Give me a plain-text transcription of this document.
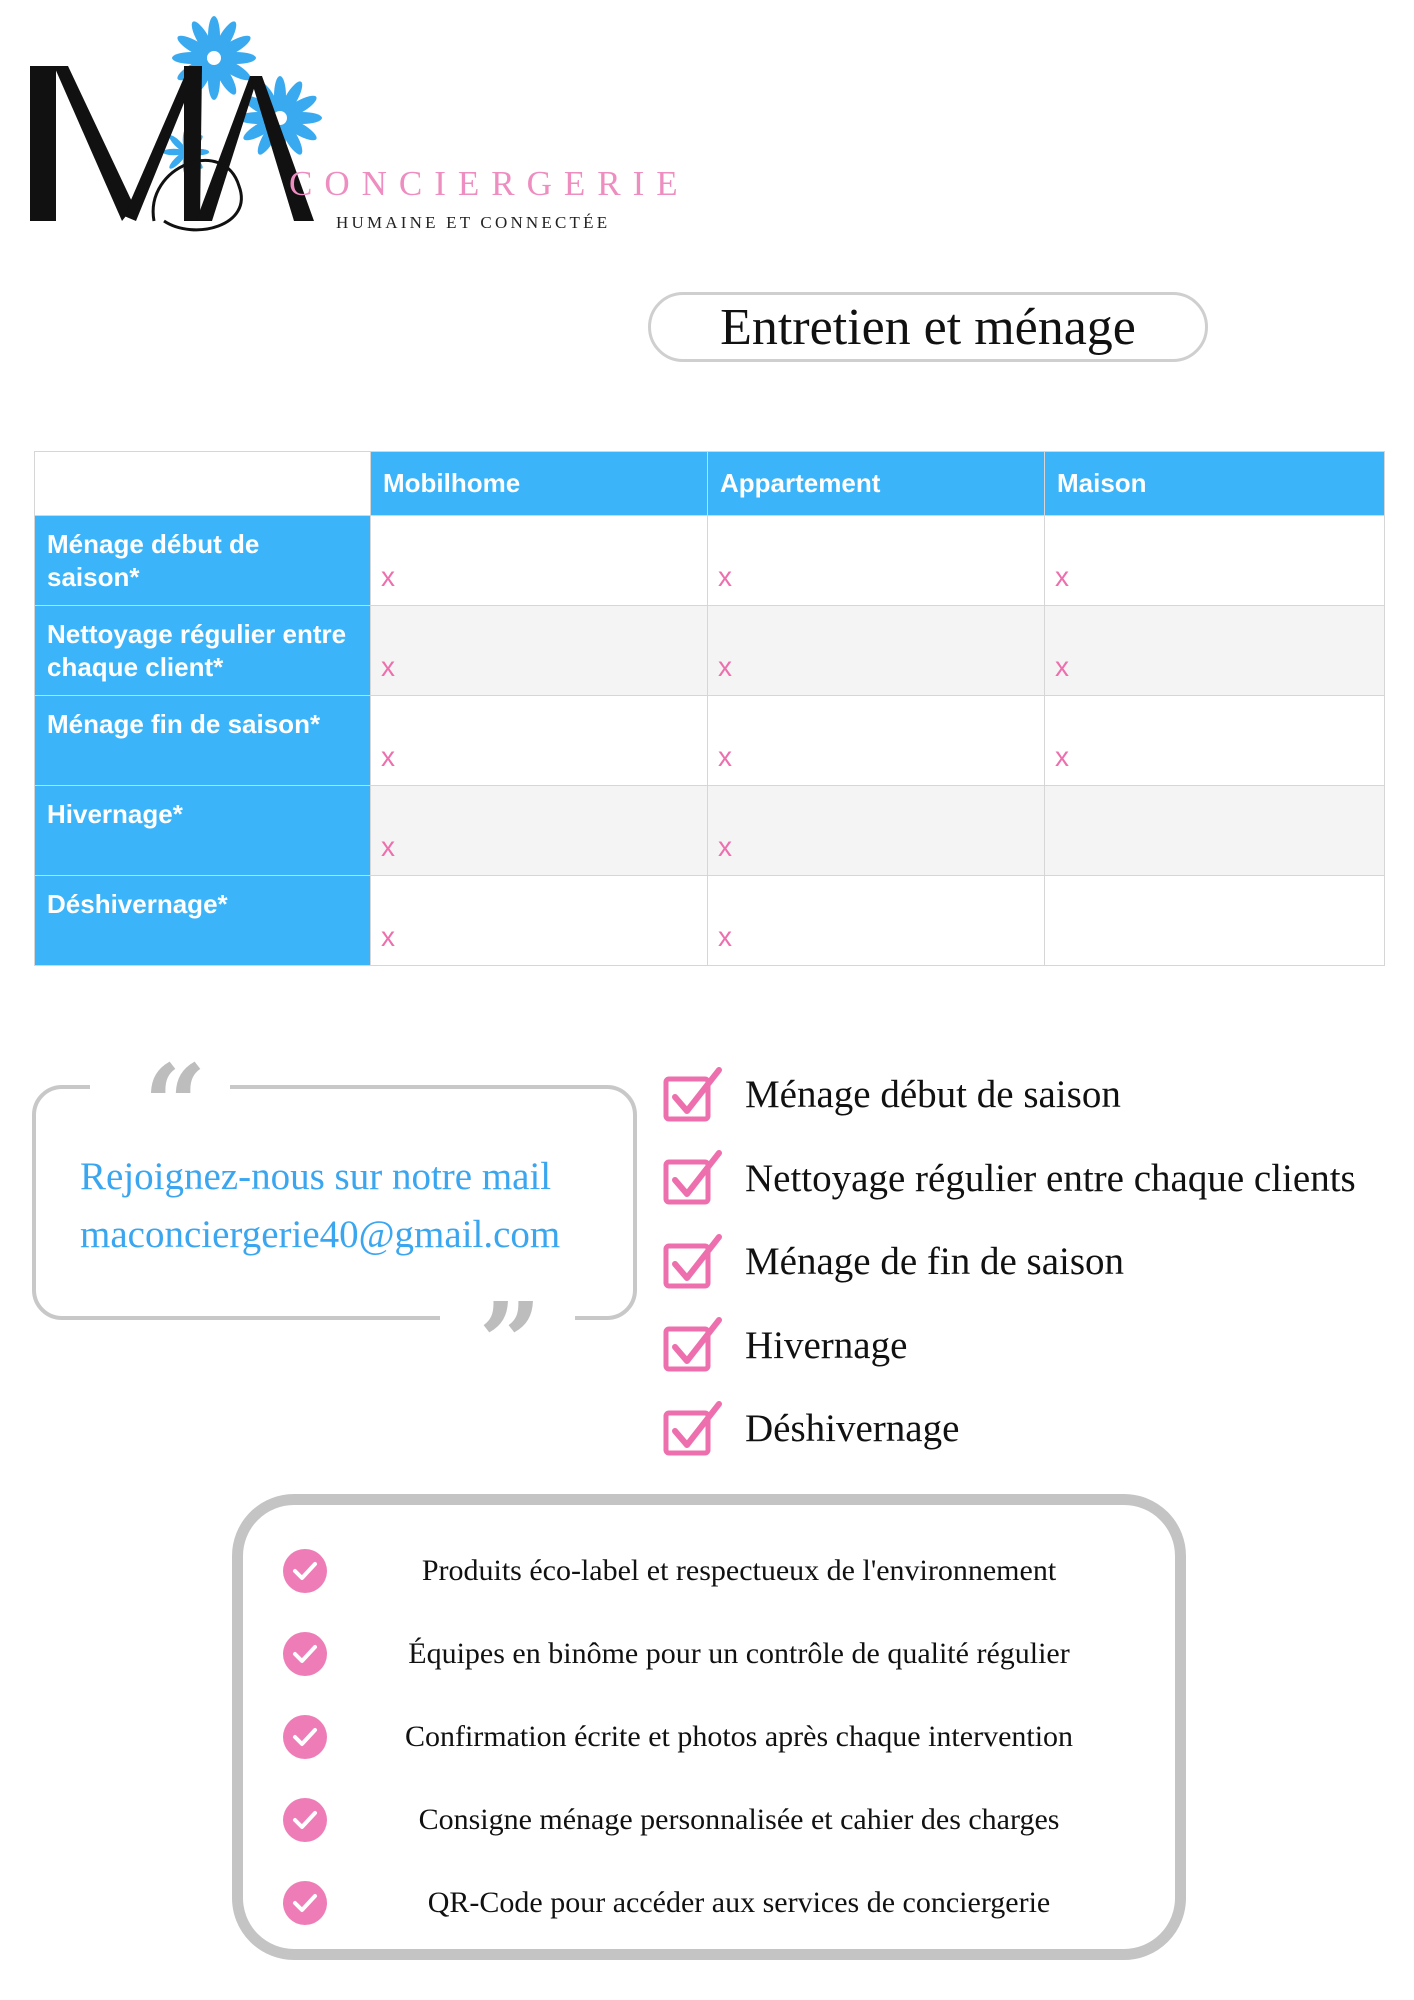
CONCIERGERIE
HUMAINE ET CONNECTÉE
Entretien et ménage
	Mobilhome	Appartement	Maison
Ménage début de saison*	x	x	x
Nettoyage régulier entre chaque client*	x	x	x
Ménage fin de saison*	x	x	x
Hivernage*	x	x	
Déshivernage*	x	x	
“
”
Rejoignez-nous sur notre mail
maconciergerie40@gmail.com
Ménage début de saison
Nettoyage régulier entre chaque clients
Ménage de fin de saison
Hivernage
Déshivernage
Produits éco-label et respectueux de l'environnement
Équipes en binôme pour un contrôle de qualité régulier
Confirmation écrite et photos après chaque intervention
Consigne ménage personnalisée et cahier des charges
QR-Code pour accéder aux services de conciergerie
